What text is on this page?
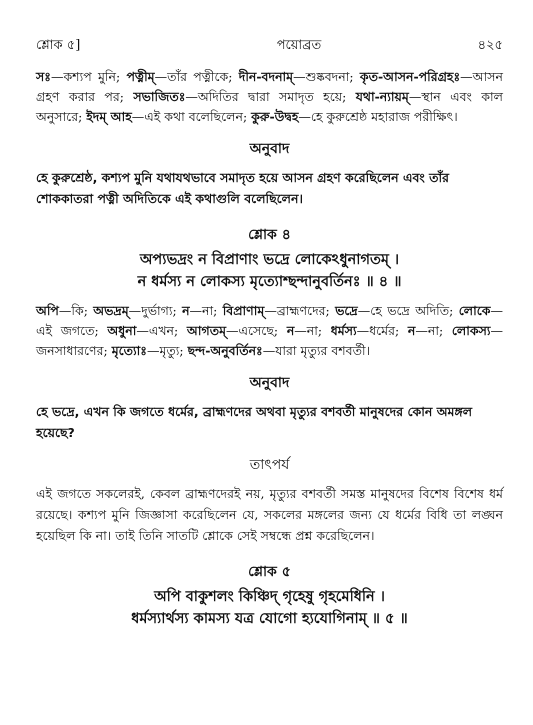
শ্লোক ৫]	পয়োব্রত	৪২৫

সঃ—কশ্যপ মুনি; পত্নীম্—তাঁর পত্নীকে; দীন-বদনাম্—শুষ্কবদনা; কৃত-আসন-পরিগ্রহঃ—আসন গ্রহণ করার পর; সভাজিতঃ—অদিতির দ্বারা সমাদৃত হয়ে; যথা-ন্যায়ম্—স্থান এবং কাল অনুসারে; ইদম্ আহ—এই কথা বলেছিলেন; কুরু-উদ্বহ—হে কুরুশ্রেষ্ঠ মহারাজ পরীক্ষিৎ।

অনুবাদ

হে কুরুশ্রেষ্ঠ, কশ্যপ মুনি যথাযথভাবে সমাদৃত হয়ে আসন গ্রহণ করেছিলেন এবং তাঁর শোককাতরা পত্নী অদিতিকে এই কথাগুলি বলেছিলেন।

শ্লোক ৪
অপ্যভদ্রং ন বিপ্রাণাং ভদ্রে লোকেঽধুনাগতম্ ।
ন ধর্মস্য ন লোকস্য মৃত্যোশ্ছন্দানুবর্তিনঃ ॥ ৪ ॥

অপি—কি; অভদ্রম্—দুর্ভাগ্য; ন—না; বিপ্রাণাম্—ব্রাহ্মণদের; ভদ্রে—হে ভদ্রে অদিতি; লোকে—এই জগতে; অধুনা—এখন; আগতম্—এসেছে; ন—না; ধর্মস্য—ধর্মের; ন—না; লোকস্য—জনসাধারণের; মৃত্যোঃ—মৃত্যু; ছন্দ-অনুবর্তিনঃ—যারা মৃত্যুর বশবর্তী।

অনুবাদ

হে ভদ্রে, এখন কি জগতে ধর্মের, ব্রাহ্মণদের অথবা মৃত্যুর বশবর্তী মানুষদের কোন অমঙ্গল হয়েছে?

তাৎপর্য

এই জগতে সকলেরই, কেবল ব্রাহ্মণদেরই নয়, মৃত্যুর বশবর্তী সমস্ত মানুষদের বিশেষ বিশেষ ধর্ম রয়েছে। কশ্যপ মুনি জিজ্ঞাসা করেছিলেন যে, সকলের মঙ্গলের জন্য যে ধর্মের বিধি তা লঙ্ঘন হয়েছিল কি না। তাই তিনি সাতটি শ্লোকে সেই সম্বন্ধে প্রশ্ন করেছিলেন।

শ্লোক ৫
অপি বাকুশলং কিঞ্চিদ্ গৃহেষু গৃহমেধিনি ।
ধর্মস্যার্থস্য কামস্য যত্র যোগো হ্যযোগিনাম্ ॥ ৫ ॥
